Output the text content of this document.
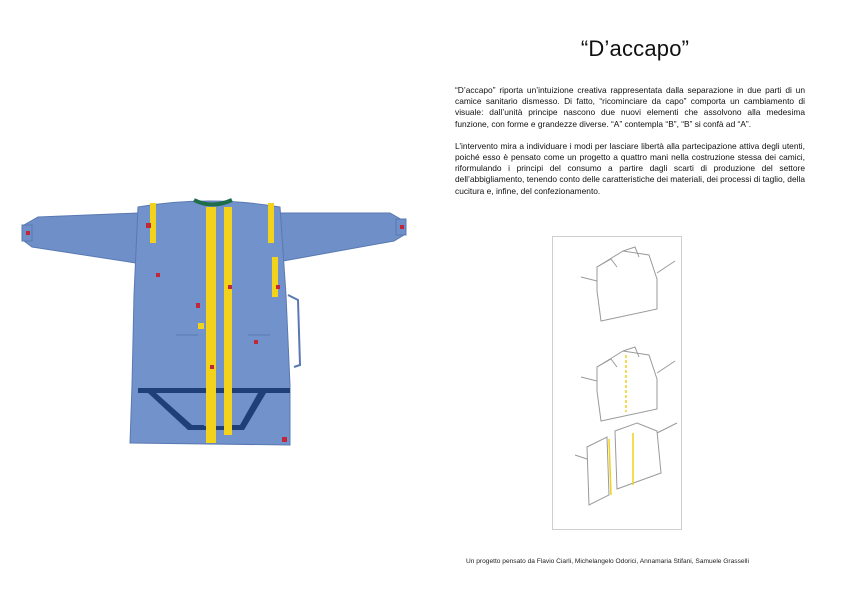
“D’accapo”

“D’accapo” riporta un’intuizione creativa rappresentata dalla separazione in due parti di un camice sanitario dismesso. Di fatto, “ricominciare da capo” comporta un cambiamento di visuale: dall’unità principe nascono due nuovi elementi che assolvono alla medesima funzione, con forme e grandezze diverse. “A” contempla “B”, “B” si confà ad “A”.

L’intervento mira a individuare i modi per lasciare libertà alla partecipazione attiva degli utenti, poiché esso è pensato come un progetto a quattro mani nella costruzione stessa dei camici, riformulando i principi del consumo a partire dagli scarti di produzione del settore dell’abbigliamento, tenendo conto delle caratteristiche dei materiali, dei processi di taglio, della cucitura e, infine, del confezionamento.

Un progetto pensato da Flavio Ciarli, Michelangelo Odorici, Annamaria Stifani, Samuele Grasselli
